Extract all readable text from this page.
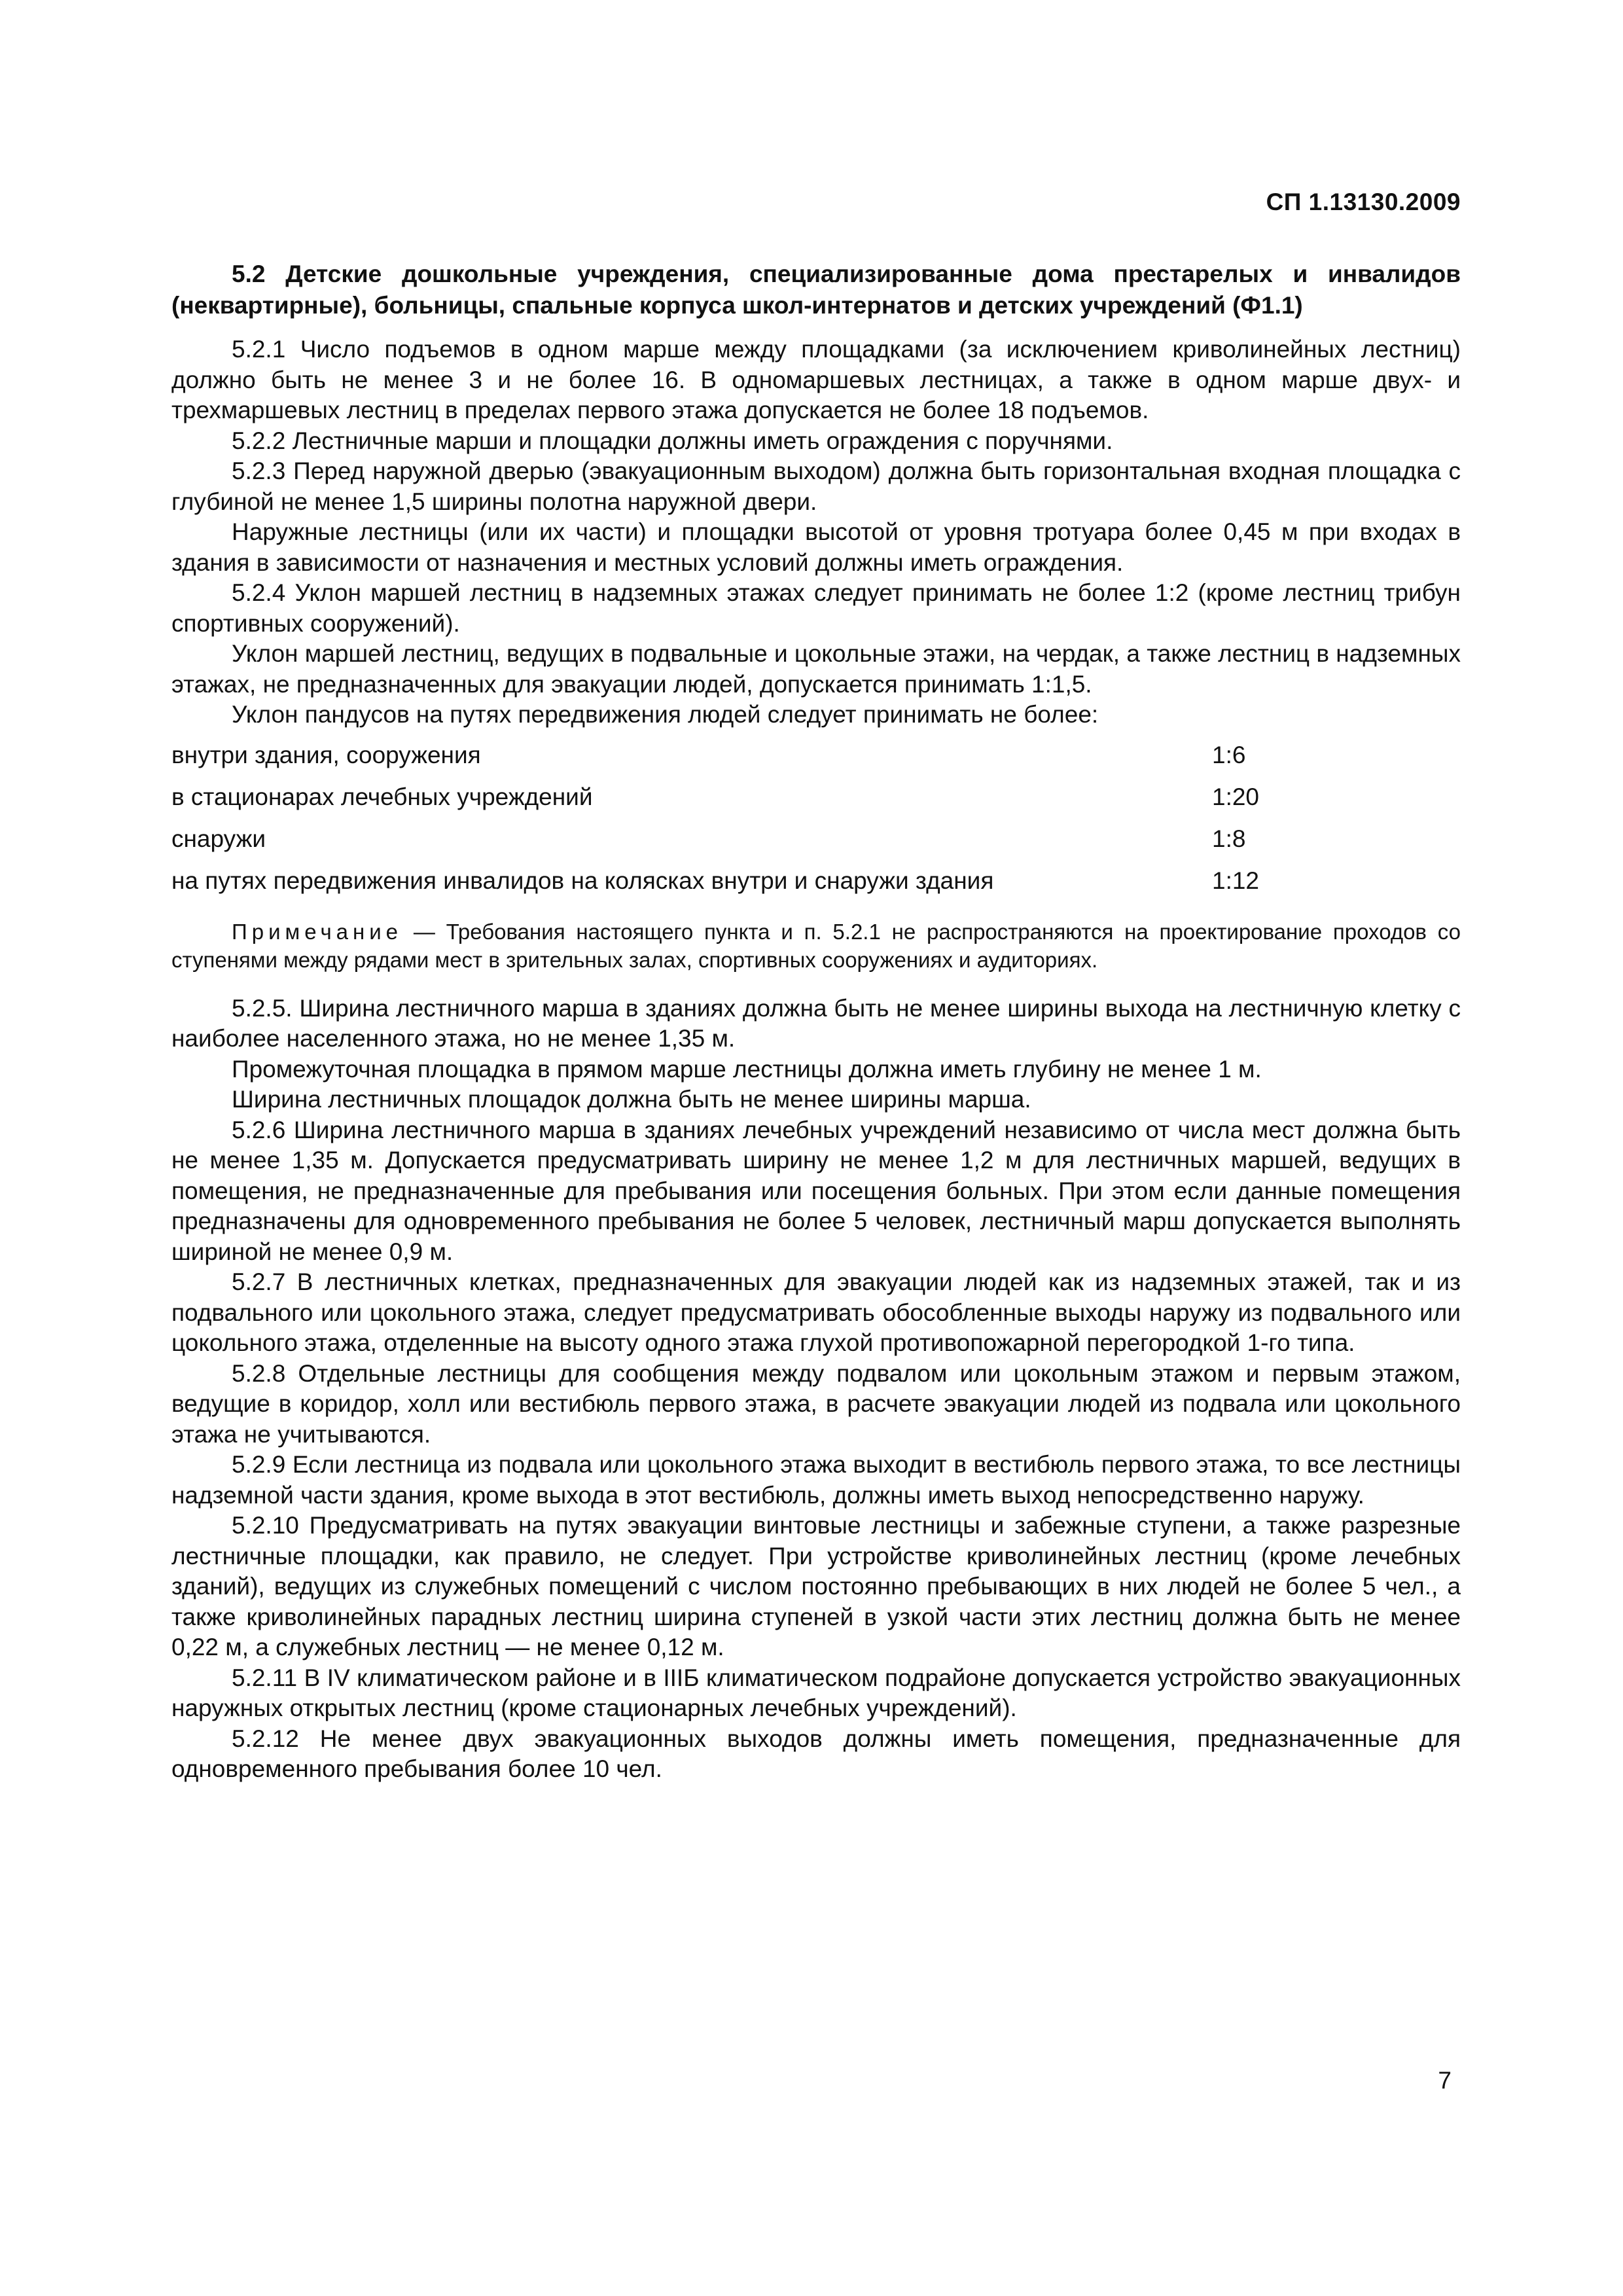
СП 1.13130.2009

5.2 Детские дошкольные учреждения, специализированные дома престарелых и инвалидов (неквартирные), больницы, спальные корпуса школ-интернатов и детских учреждений (Ф1.1)

5.2.1 Число подъемов в одном марше между площадками (за исключением криволинейных лестниц) должно быть не менее 3 и не более 16. В одномаршевых лестницах, а также в одном марше двух- и трехмаршевых лестниц в пределах первого этажа допускается не более 18 подъемов.

5.2.2 Лестничные марши и площадки должны иметь ограждения с поручнями.

5.2.3 Перед наружной дверью (эвакуационным выходом) должна быть горизонтальная входная площадка с глубиной не менее 1,5 ширины полотна наружной двери.

Наружные лестницы (или их части) и площадки высотой от уровня тротуара более 0,45 м при входах в здания в зависимости от назначения и местных условий должны иметь ограждения.

5.2.4 Уклон маршей лестниц в надземных этажах следует принимать не более 1:2 (кроме лестниц трибун спортивных сооружений).

Уклон маршей лестниц, ведущих в подвальные и цокольные этажи, на чердак, а также лестниц в надземных этажах, не предназначенных для эвакуации людей, допускается принимать 1:1,5.

Уклон пандусов на путях передвижения людей следует принимать не более:

внутри здания, сооружения	1:6
в стационарах лечебных учреждений	1:20
снаружи	1:8
на путях передвижения инвалидов на колясках внутри и снаружи здания	1:12

Примечание — Требования настоящего пункта и п. 5.2.1 не распространяются на проектирование проходов со ступенями между рядами мест в зрительных залах, спортивных сооружениях и аудиториях.

5.2.5. Ширина лестничного марша в зданиях должна быть не менее ширины выхода на лестничную клетку с наиболее населенного этажа, но не менее 1,35 м.

Промежуточная площадка в прямом марше лестницы должна иметь глубину не менее 1 м.

Ширина лестничных площадок должна быть не менее ширины марша.

5.2.6 Ширина лестничного марша в зданиях лечебных учреждений независимо от числа мест должна быть не менее 1,35 м. Допускается предусматривать ширину не менее 1,2 м для лестничных маршей, ведущих в помещения, не предназначенные для пребывания или посещения больных. При этом если данные помещения предназначены для одновременного пребывания не более 5 человек, лестничный марш допускается выполнять шириной не менее 0,9 м.

5.2.7 В лестничных клетках, предназначенных для эвакуации людей как из надземных этажей, так и из подвального или цокольного этажа, следует предусматривать обособленные выходы наружу из подвального или цокольного этажа, отделенные на высоту одного этажа глухой противопожарной перегородкой 1-го типа.

5.2.8 Отдельные лестницы для сообщения между подвалом или цокольным этажом и первым этажом, ведущие в коридор, холл или вестибюль первого этажа, в расчете эвакуации людей из подвала или цокольного этажа не учитываются.

5.2.9 Если лестница из подвала или цокольного этажа выходит в вестибюль первого этажа, то все лестницы надземной части здания, кроме выхода в этот вестибюль, должны иметь выход непосредственно наружу.

5.2.10 Предусматривать на путях эвакуации винтовые лестницы и забежные ступени, а также разрезные лестничные площадки, как правило, не следует. При устройстве криволинейных лестниц (кроме лечебных зданий), ведущих из служебных помещений с числом постоянно пребывающих в них людей не более 5 чел., а также криволинейных парадных лестниц ширина ступеней в узкой части этих лестниц должна быть не менее 0,22 м, а служебных лестниц — не менее 0,12 м.

5.2.11 В IV климатическом районе и в IIIБ климатическом подрайоне допускается устройство эвакуационных наружных открытых лестниц (кроме стационарных лечебных учреждений).

5.2.12 Не менее двух эвакуационных выходов должны иметь помещения, предназначенные для одновременного пребывания более 10 чел.

7
